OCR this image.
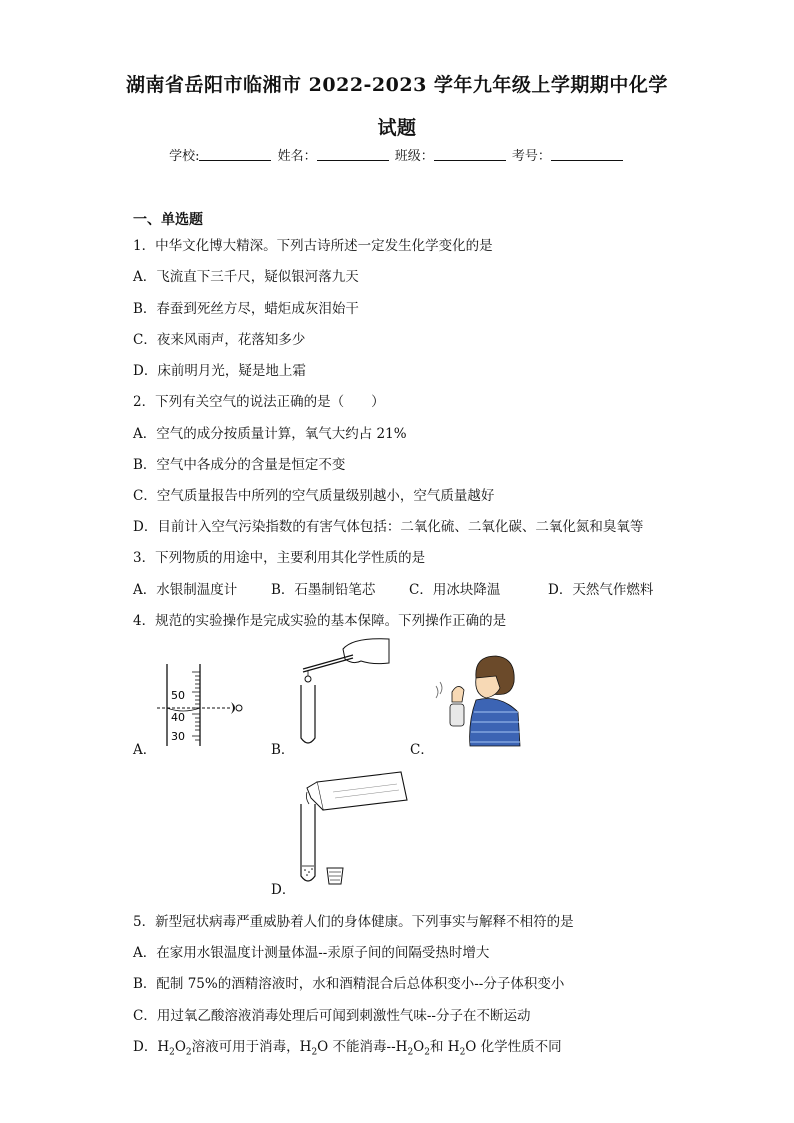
湖南省岳阳市临湘市 2022-2023 学年九年级上学期期中化学
试题
学校:	姓名：	班级：	考号：
一、单选题
1．中华文化博大精深。下列古诗所述一定发生化学变化的是
A．飞流直下三千尺，疑似银河落九天
B．春蚕到死丝方尽，蜡炬成灰泪始干
C．夜来风雨声，花落知多少
D．床前明月光，疑是地上霜
2．下列有关空气的说法正确的是（　　）
A．空气的成分按质量计算，氧气大约占 21%
B．空气中各成分的含量是恒定不变
C．空气质量报告中所列的空气质量级别越小，空气质量越好
D．目前计入空气污染指数的有害气体包括：二氧化硫、二氧化碳、二氧化氮和臭氧等
3．下列物质的用途中，主要利用其化学性质的是
A．水银制温度计	B．石墨制铅笔芯 C．用冰块降温	D．天然气作燃料
4．规范的实验操作是完成实验的基本保障。下列操作正确的是
A．
50
40
30
B．	C．
D．
5．新型冠状病毒严重威胁着人们的身体健康。下列事实与解释不相符的是
A．在家用水银温度计测量体温--汞原子间的间隔受热时增大
B．配制 75%的酒精溶液时，水和酒精混合后总体积变小--分子体积变小
C．用过氧乙酸溶液消毒处理后可闻到刺激性气味--分子在不断运动
D．$H_2O_2$溶液可用于消毒，$H_2O$ 不能消毒$--H_2O_2$和 $H_2O$ 化学性质不同
